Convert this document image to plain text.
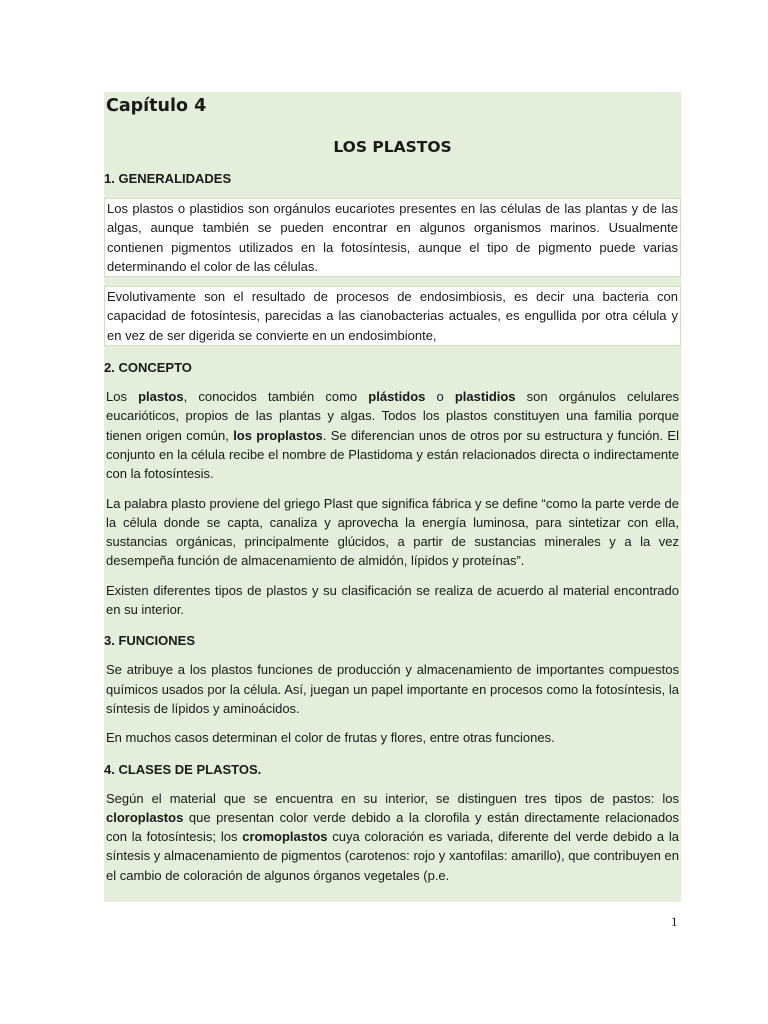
Capítulo 4
LOS PLASTOS
1. GENERALIDADES

Los plastos o plastidios son orgánulos eucariotes presentes en las células de las plantas y de las algas, aunque también se pueden encontrar en algunos organismos marinos. Usualmente contienen pigmentos utilizados en la fotosíntesis, aunque el tipo de pigmento puede varias determinando el color de las células.

Evolutivamente son el resultado de procesos de endosimbiosis, es decir una bacteria con capacidad de fotosíntesis, parecidas a las cianobacterias actuales, es engullida por otra célula y en vez de ser digerida se convierte en un endosimbionte,

2. CONCEPTO

Los plastos, conocidos también como plástidos o plastidios son orgánulos celulares eucarióticos, propios de las plantas y algas. Todos los plastos constituyen una familia porque tienen origen común, los proplastos. Se diferencian unos de otros por su estructura y función. El conjunto en la célula recibe el nombre de Plastidoma y están relacionados directa o indirectamente con la fotosíntesis.

La palabra plasto proviene del griego Plast que significa fábrica y se define “como la parte verde de la célula donde se capta, canaliza y aprovecha la energía luminosa, para sintetizar con ella, sustancias orgánicas, principalmente glúcidos, a partir de sustancias minerales y a la vez desempeña función de almacenamiento de almidón, lípidos y proteínas”.

Existen diferentes tipos de plastos y su clasificación se realiza de acuerdo al material encontrado en su interior.

3. FUNCIONES

Se atribuye a los plastos funciones de producción y almacenamiento de importantes compuestos químicos usados por la célula. Así, juegan un papel importante en procesos como la fotosíntesis, la síntesis de lípidos y aminoácidos.

En muchos casos determinan el color de frutas y flores, entre otras funciones.

4. CLASES DE PLASTOS.

Según el material que se encuentra en su interior, se distinguen tres tipos de pastos: los cloroplastos que presentan color verde debido a la clorofila y están directamente relacionados con la fotosíntesis; los cromoplastos cuya coloración es variada, diferente del verde debido a la síntesis y almacenamiento de pigmentos (carotenos: rojo y xantofilas: amarillo), que contribuyen en el cambio de coloración de algunos órganos vegetales (p.e.

1
